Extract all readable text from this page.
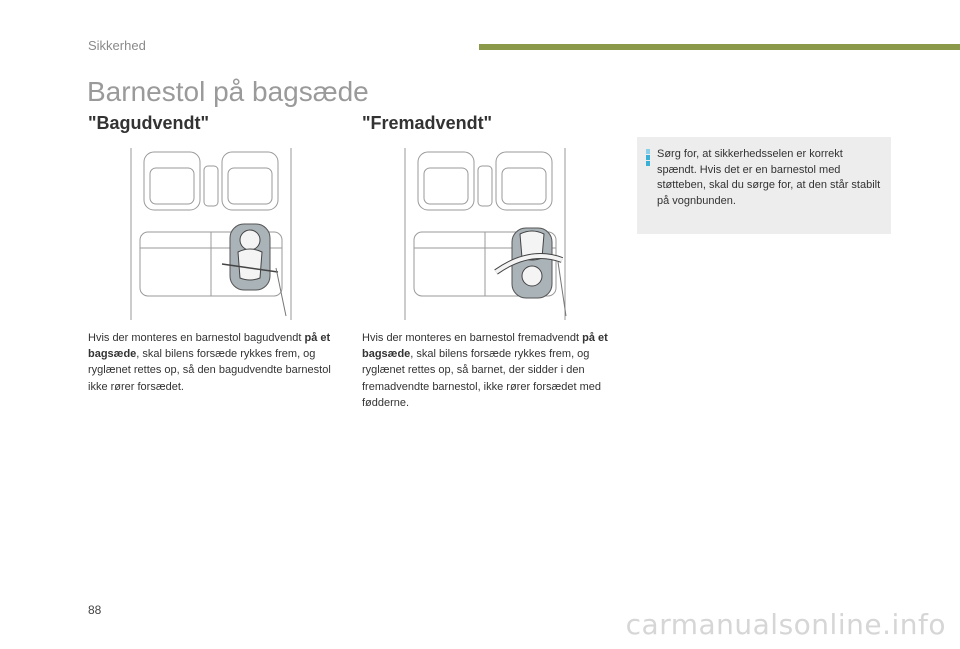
Sikkerhed
Barnestol på bagsæde
"Bagudvendt"
Hvis der monteres en barnestol bagudvendt på et bagsæde, skal bilens forsæde rykkes frem, og ryglænet rettes op, så den bagudvendte barnestol ikke rører forsædet.
"Fremadvendt"
Hvis der monteres en barnestol fremadvendt på et bagsæde, skal bilens forsæde rykkes frem, og ryglænet rettes op, så barnet, der sidder i den fremadvendte barnestol, ikke rører forsædet med fødderne.
Sørg for, at sikkerhedsselen er korrekt spændt. Hvis det er en barnestol med støtteben, skal du sørge for, at den står stabilt på vognbunden.
88	carmanualsonline.info
